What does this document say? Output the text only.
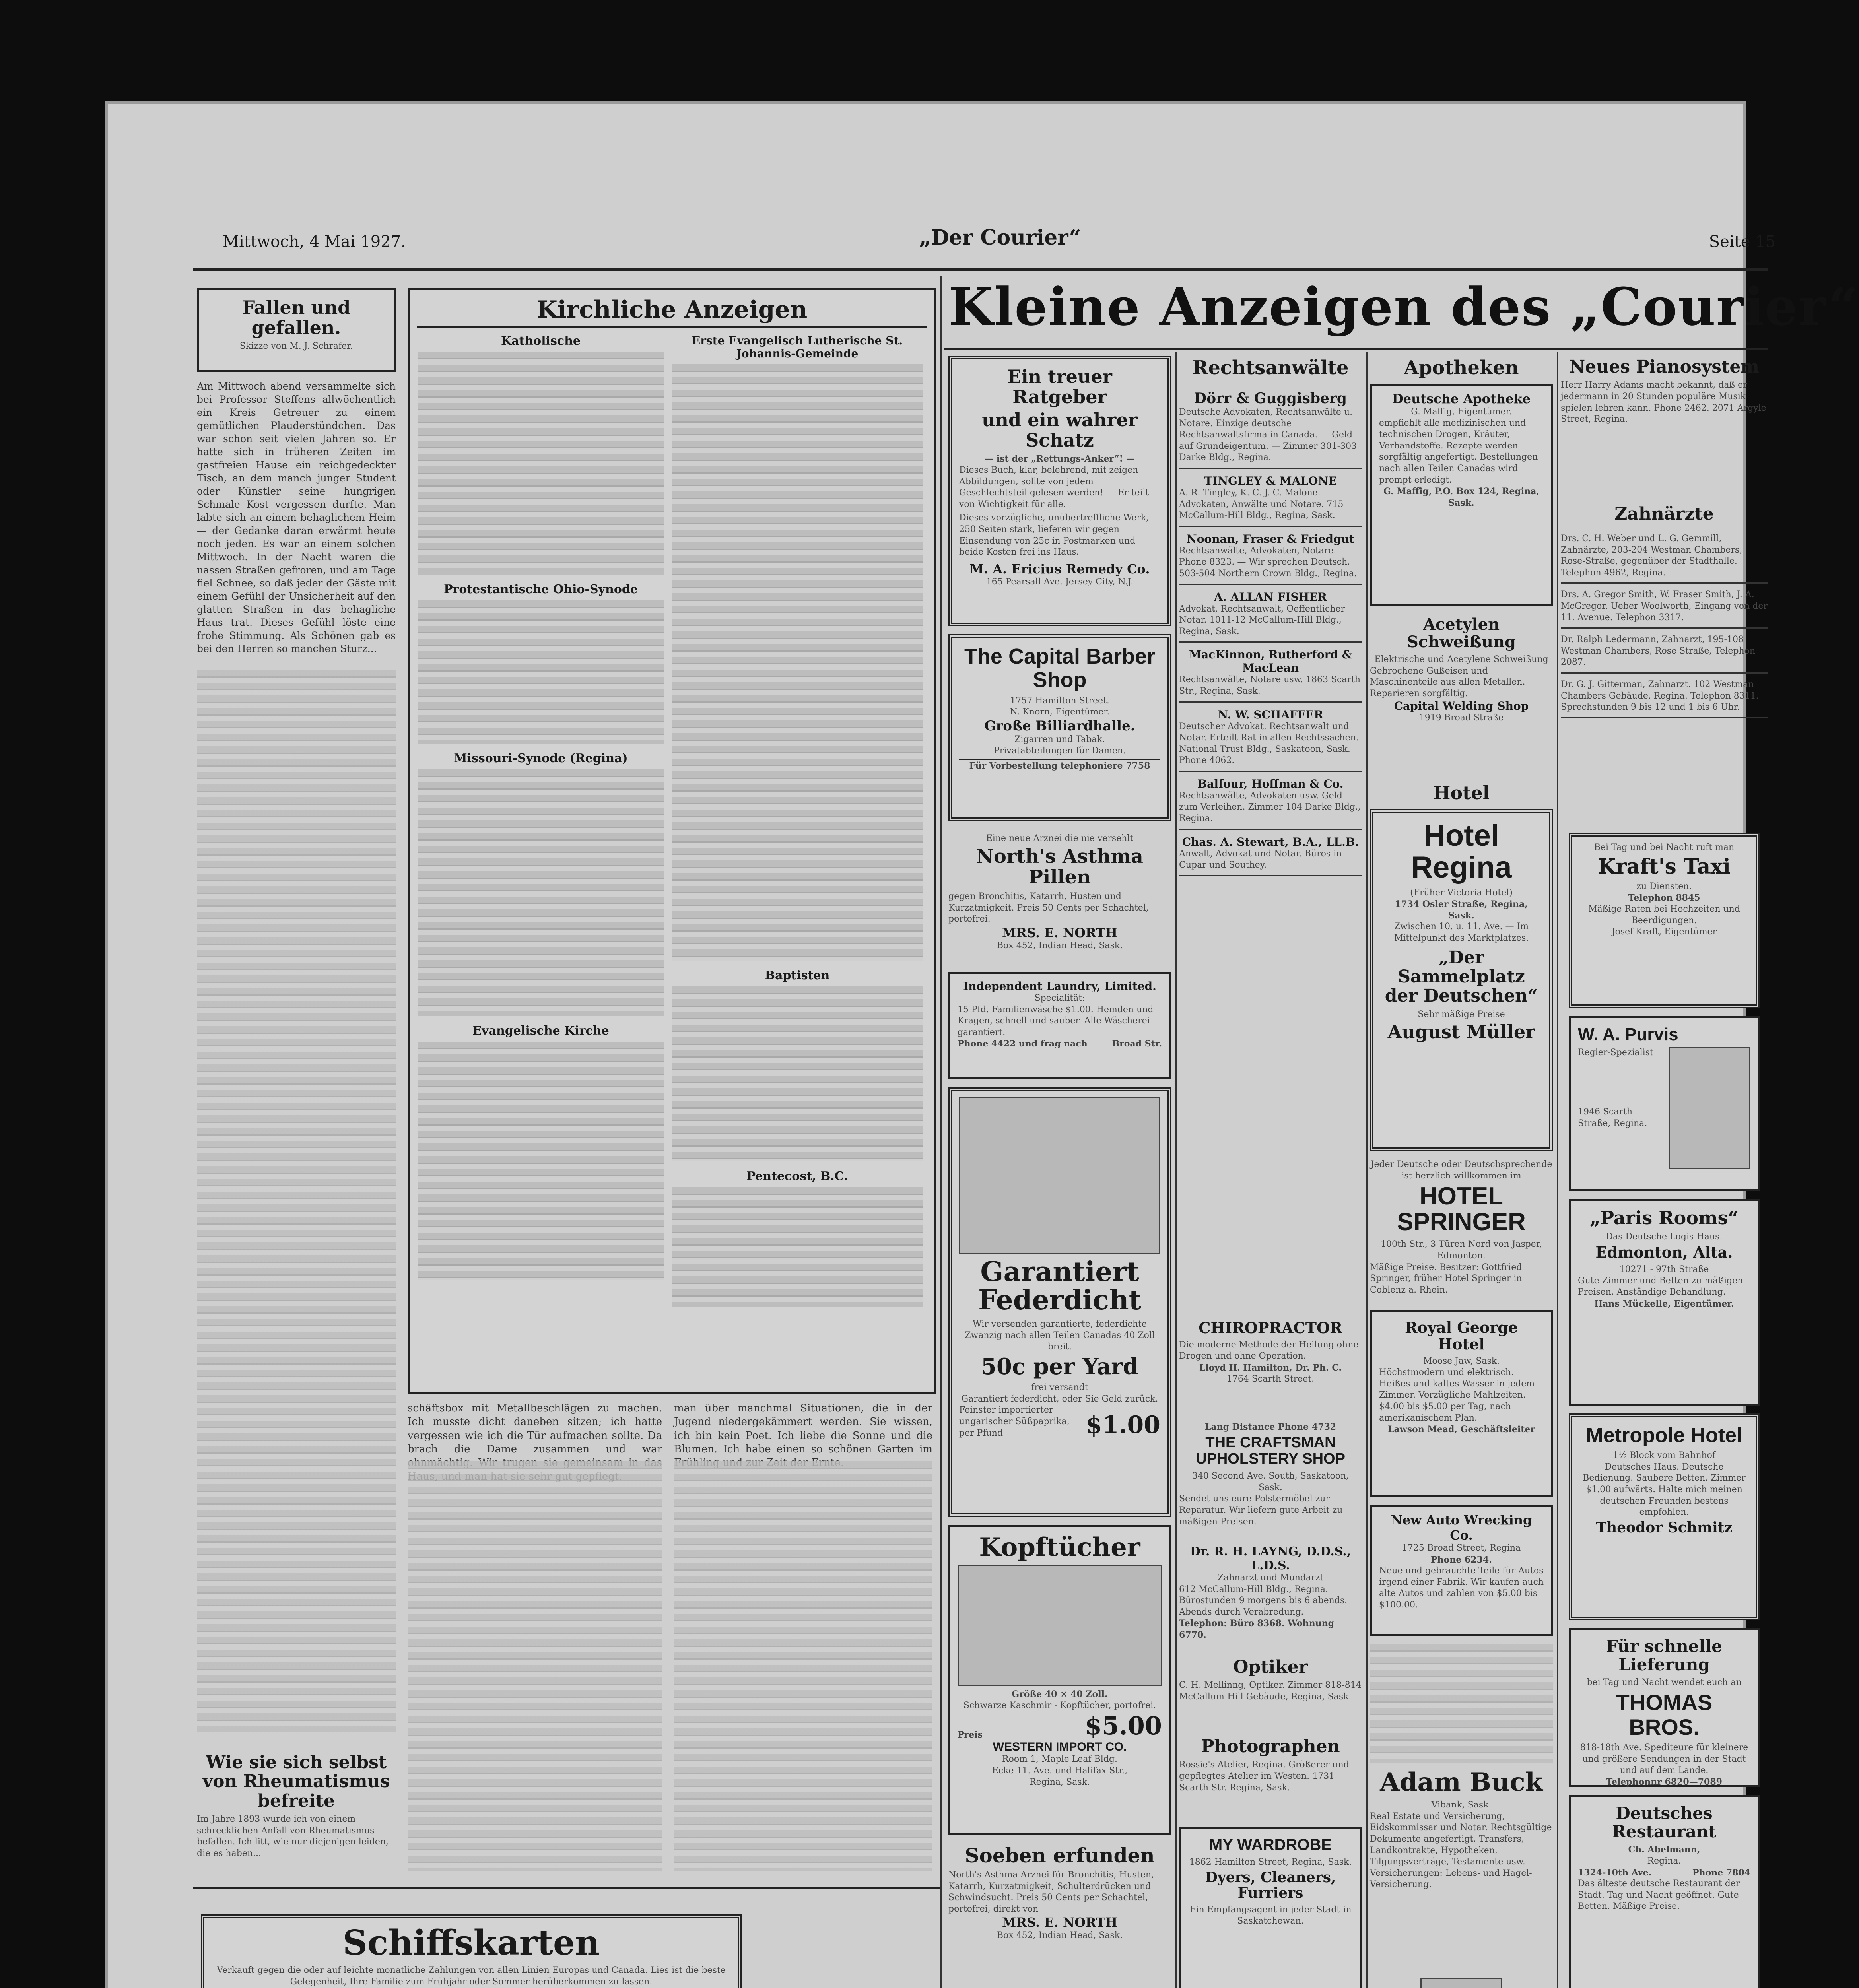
Mittwoch, 4 Mai 1927.	„Der Courier“	Seite 15
Fallen und gefallen.
Skizze von M. J. Schrafer.
Am Mittwoch abend versammelte sich bei Professor Steffens allwöchentlich ein Kreis Getreuer zu einem gemütlichen Plauderstündchen. Das war schon seit vielen Jahren so. Er hatte sich in früheren Zeiten im gastfreien Hause ein reichgedeckter Tisch, an dem manch junger Student oder Künstler seine hungrigen Schmale Kost vergessen durfte. Man labte sich an einem behaglichem Heim — der Gedanke daran erwärmt heute noch jeden. Es war an einem solchen Mittwoch. In der Nacht waren die nassen Straßen gefroren, und am Tage fiel Schnee, so daß jeder der Gäste mit einem Gefühl der Unsicherheit auf den glatten Straßen in das behagliche Haus trat. Dieses Gefühl löste eine frohe Stimmung. Als Schönen gab es bei den Herren so manchen Sturz...
Kirchliche Anzeigen
Katholische
Protestantische Ohio-Synode
Missouri-Synode (Regina)
Evangelische Kirche
Erste Evangelisch Lutherische St. Johannis-Gemeinde
Baptisten
Pentecost, B.C.
schäftsbox mit Metallbeschlägen zu machen. Ich musste dicht daneben sitzen; ich hatte vergessen wie ich die Tür aufmachen sollte. Da brach die Dame zusammen und war
man über manchmal Situationen, die in der Jugend niedergekämmert werden. Sie wissen, ich bin kein Poet. Ich liebe die Sonne und die Blumen. Ich habe einen so schönen Garten im
Wie sie sich selbst von Rheumatismus befreite
Im Jahre 1893 wurde ich von einem schrecklichen Anfall von Rheumatismus befallen. Ich litt, wie nur diejenigen leiden, die es haben...
Schiffskarten
Verkauft gegen die oder auf leichte monatliche Zahlungen von allen Linien Europas und Canada. Lies ist die beste Gelegenheit, Ihre Familie zum Frühjahr oder Sommer herüberkommen zu lassen.
Kleine Anzeigen des „Courier“
Ein treuer Ratgeber
und ein wahrer Schatz
— ist der „Rettungs-Anker“! —
Dieses Buch, klar, belehrend, mit zeigen Abbildungen, sollte von jedem Geschlechtsteil gelesen werden! — Er teilt von Wichtigkeit für alle.
Dieses vorzügliche, unübertreffliche Werk, 250 Seiten stark, lieferen wir gegen Einsendung von 25c in Postmarken und beide Kosten frei ins Haus.
M. A. Ericius Remedy Co.
165 Pearsall Ave. Jersey City, N.J.
The Capital Barber Shop
1757 Hamilton Street.
N. Knorn, Eigentümer.
Große Billiardhalle.
Zigarren und Tabak.
Privatabteilungen für Damen.
Für Vorbestellung telephoniere 7758
Eine neue Arznei die nie versehlt
North's Asthma Pillen
gegen Bronchitis, Katarrh, Husten und Kurzatmigkeit. Preis 50 Cents per Schachtel, portofrei.
MRS. E. NORTH
Box 452, Indian Head, Sask.
Independent Laundry, Limited.
Specialität:
15 Pfd. Familienwäsche $1.00. Hemden und Kragen, schnell und sauber. Alle Wäscherei garantiert.
Phone 4422 und frag nach	Broad Str.
Garantiert Federdicht
Wir versenden garantierte, federdichte Zwanzig nach allen Teilen Canadas 40 Zoll breit.
50c per Yard
frei versandt
Garantiert federdicht, oder Sie Geld zurück.
Feinster importierter ungarischer Süßpaprika, per Pfund	$1.00
Kopftücher
Größe 40 × 40 Zoll.
Schwarze Kaschmir - Kopftücher, portofrei.
Preis	$5.00
WESTERN IMPORT CO.
Room 1, Maple Leaf Bldg.
Ecke 11. Ave. und Halifax Str.,
Regina, Sask.
Soeben erfunden
North's Asthma Arznei für Bronchitis, Husten, Katarrh, Kurzatmigkeit, Schulterdrücken und Schwindsucht. Preis 50 Cents per Schachtel, portofrei, direkt von
MRS. E. NORTH
Box 452, Indian Head, Sask.
Rechtsanwälte
Dörr & Guggisberg
Deutsche Advokaten, Rechtsanwälte u. Notare. Einzige deutsche Rechtsanwaltsfirma in Canada. — Geld auf Grundeigentum. — Zimmer 301-303 Darke Bldg., Regina.
TINGLEY & MALONE
A. R. Tingley, K. C. J. C. Malone. Advokaten, Anwälte und Notare. 715 McCallum-Hill Bldg., Regina, Sask.
Noonan, Fraser & Friedgut
Rechtsanwälte, Advokaten, Notare. Phone 8323. — Wir sprechen Deutsch. 503-504 Northern Crown Bldg., Regina.
A. ALLAN FISHER
Advokat, Rechtsanwalt, Oeffentlicher Notar. 1011-12 McCallum-Hill Bldg., Regina, Sask.
MacKinnon, Rutherford & MacLean
Rechtsanwälte, Notare usw. 1863 Scarth Str., Regina, Sask.
N. W. SCHAFFER
Deutscher Advokat, Rechtsanwalt und Notar. Erteilt Rat in allen Rechtssachen. National Trust Bldg., Saskatoon, Sask. Phone 4062.
Balfour, Hoffman & Co.
Rechtsanwälte, Advokaten usw. Geld zum Verleihen. Zimmer 104 Darke Bldg., Regina.
Chas. A. Stewart, B.A., LL.B.
Anwalt, Advokat und Notar. Büros in Cupar und Southey.
CHIROPRACTOR
Die moderne Methode der Heilung ohne Drogen und ohne Operation.
Lloyd H. Hamilton, Dr. Ph. C.
1764 Scarth Street.
Lang Distance Phone 4732
THE CRAFTSMAN UPHOLSTERY SHOP
340 Second Ave. South, Saskatoon, Sask.
Sendet uns eure Polstermöbel zur Reparatur. Wir liefern gute Arbeit zu mäßigen Preisen.
Dr. R. H. LAYNG, D.D.S., L.D.S.
Zahnarzt und Mundarzt
612 McCallum-Hill Bldg., Regina. Bürostunden 9 morgens bis 6 abends. Abends durch Verabredung.
Telephon: Büro 8368. Wohnung 6770.
Optiker
C. H. Mellinng, Optiker. Zimmer 818-814 McCallum-Hill Gebäude, Regina, Sask.
Photographen
Rossie's Atelier, Regina. Größerer und gepflegtes Atelier im Westen. 1731 Scarth Str. Regina, Sask.
MY WARDROBE
1862 Hamilton Street, Regina, Sask.
Dyers, Cleaners, Furriers
Ein Empfangsagent in jeder Stadt in Saskatchewan.
Apotheken
Deutsche Apotheke
G. Maffig, Eigentümer.
empfiehlt alle medizinischen und technischen Drogen, Kräuter, Verbandstoffe. Rezepte werden sorgfältig angefertigt. Bestellungen nach allen Teilen Canadas wird prompt erledigt.
G. Maffig, P.O. Box 124, Regina, Sask.
Acetylen Schweißung
Elektrische und Acetylene Schweißung
Gebrochene Gußeisen und Maschinenteile aus allen Metallen. Reparieren sorgfältig.
Capital Welding Shop
1919 Broad Straße
Hotel
Hotel Regina
(Früher Victoria Hotel)
1734 Osler Straße, Regina, Sask.
Zwischen 10. u. 11. Ave. — Im Mittelpunkt des Marktplatzes.
„Der Sammelplatz der Deutschen“
Sehr mäßige Preise
August Müller
Jeder Deutsche oder Deutschsprechende ist herzlich willkommen im
HOTEL SPRINGER
100th Str., 3 Türen Nord von Jasper, Edmonton.
Mäßige Preise. Besitzer: Gottfried Springer, früher Hotel Springer in Coblenz a. Rhein.
Royal George Hotel
Moose Jaw, Sask.
Höchstmodern und elektrisch. Heißes und kaltes Wasser in jedem Zimmer. Vorzügliche Mahlzeiten. $4.00 bis $5.00 per Tag, nach amerikanischem Plan.
Lawson Mead, Geschäftsleiter
New Auto Wrecking Co.
1725 Broad Street, Regina
Phone 6234.
Neue und gebrauchte Teile für Autos irgend einer Fabrik. Wir kaufen auch alte Autos und zahlen von $5.00 bis $100.00.
Adam Buck
Vibank, Sask.
Real Estate und Versicherung, Eidskommissar und Notar. Rechtsgültige Dokumente angefertigt. Transfers, Landkontrakte, Hypotheken, Tilgungsverträge, Testamente usw. Versicherungen: Lebens- und Hagel-Versicherung.
Neues Pianosystem
Herr Harry Adams macht bekannt, daß er jedermann in 20 Stunden populäre Musik spielen lehren kann. Phone 2462. 2071 Argyle Street, Regina.
Zahnärzte
Drs. C. H. Weber und L. G. Gemmill, Zahnärzte, 203-204 Westman Chambers, Rose-Straße, gegenüber der Stadthalle. Telephon 4962, Regina.
Drs. A. Gregor Smith, W. Fraser Smith, J. A. McGregor. Ueber Woolworth, Eingang von der 11. Avenue. Telephon 3317.
Dr. Ralph Ledermann, Zahnarzt, 195-108 Westman Chambers, Rose Straße, Telephon 2087.
Dr. G. J. Gitterman, Zahnarzt. 102 Westman Chambers Gebäude, Regina. Telephon 8311. Sprechstunden 9 bis 12 und 1 bis 6 Uhr.
Bei Tag und bei Nacht ruft man
Kraft's Taxi
zu Diensten.
Telephon 8845
Mäßige Raten bei Hochzeiten und Beerdigungen.
Josef Kraft, Eigentümer
W. A. Purvis
Regier-Spezialist
1946 Scarth Straße, Regina.
„Paris Rooms“
Das Deutsche Logis-Haus.
Edmonton, Alta.
10271 - 97th Straße
Gute Zimmer und Betten zu mäßigen Preisen. Anständige Behandlung.
Hans Mückelle, Eigentümer.
Metropole Hotel
1½ Block vom Bahnhof
Deutsches Haus. Deutsche Bedienung. Saubere Betten. Zimmer $1.00 aufwärts. Halte mich meinen deutschen Freunden bestens empfohlen.
Theodor Schmitz
Für schnelle Lieferung
bei Tag und Nacht wendet euch an
THOMAS BROS.
818-18th Ave. Spediteure für kleinere und größere Sendungen in der Stadt und auf dem Lande.
Telephonnr 6820—7089
Deutsches Restaurant
Ch. Abelmann,
Regina.
1324-10th Ave.	Phone 7804
Das älteste deutsche Restaurant der Stadt. Tag und Nacht geöffnet. Gute Betten. Mäßige Preise.
